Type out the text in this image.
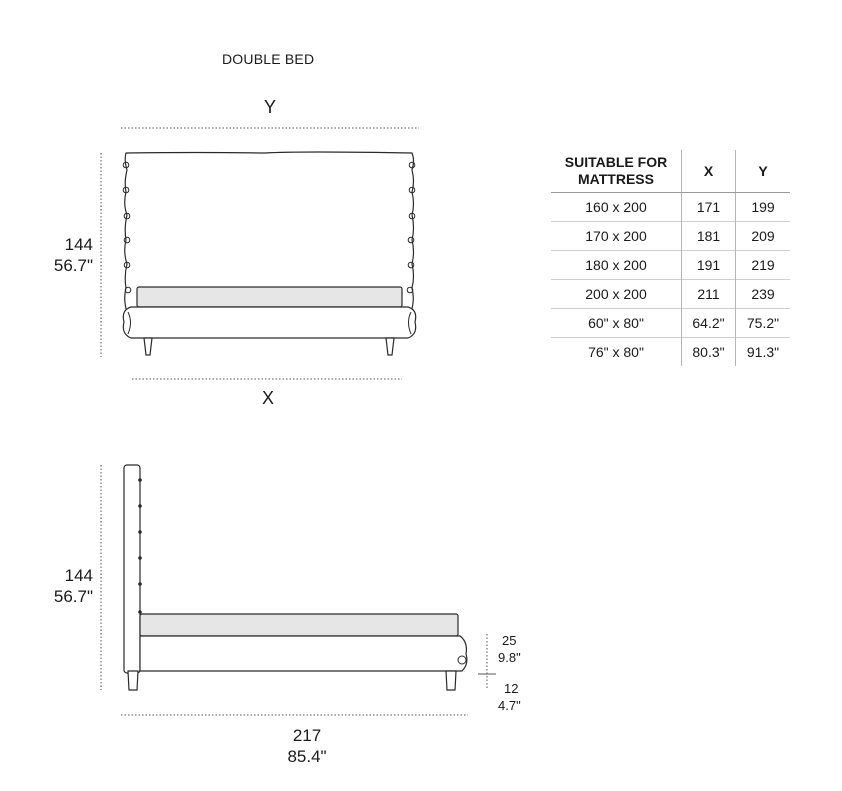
DOUBLE BED
Y
X
144
56.7"
144
56.7"
217
85.4"
25
9.8"
12
4.7"
SUITABLE FOR
MATTRESS	X	Y
160 x 200	171	199
170 x 200	181	209
180 x 200	191	219
200 x 200	211	239
60" x 80"	64.2"	75.2"
76" x 80"	80.3"	91.3"
